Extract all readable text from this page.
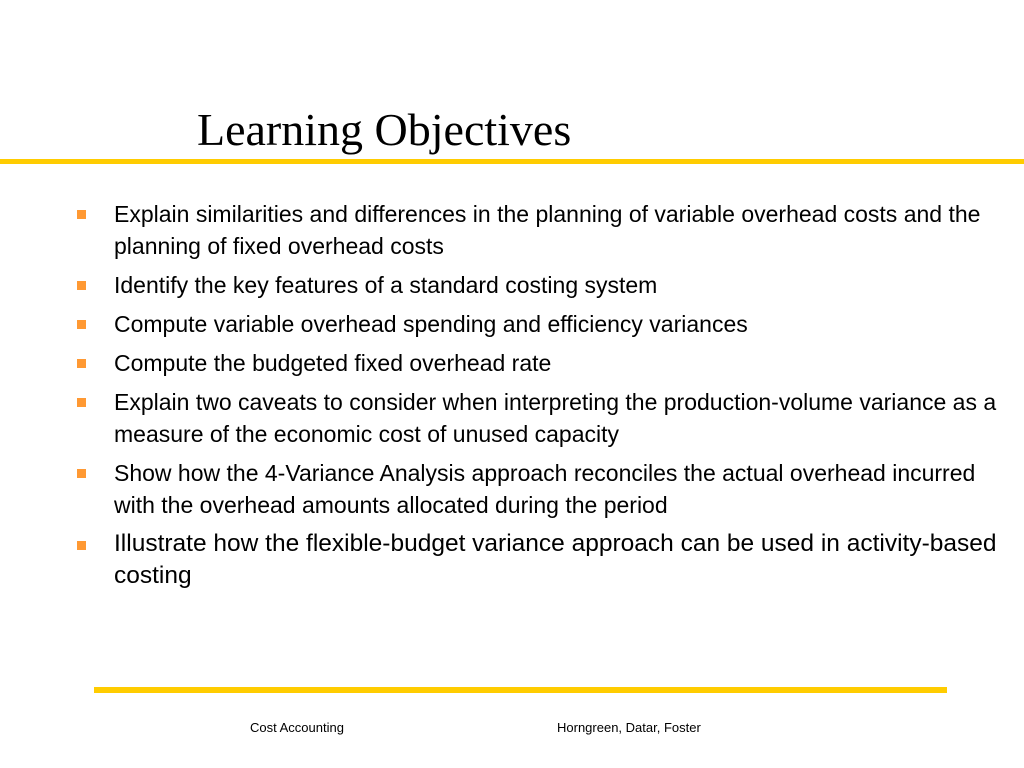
Learning Objectives
Explain similarities and differences in the planning of variable overhead costs and the planning of fixed overhead costs
Identify the key features of a standard costing system
Compute variable overhead spending and efficiency variances
Compute the budgeted fixed overhead rate
Explain two caveats to consider when interpreting the production-volume variance as a measure of the economic cost of unused capacity
Show how the 4-Variance Analysis approach reconciles the actual overhead incurred with the overhead amounts allocated during the period
Illustrate how the flexible-budget variance approach can be used in activity-based costing
Cost Accounting	Horngreen, Datar, Foster
